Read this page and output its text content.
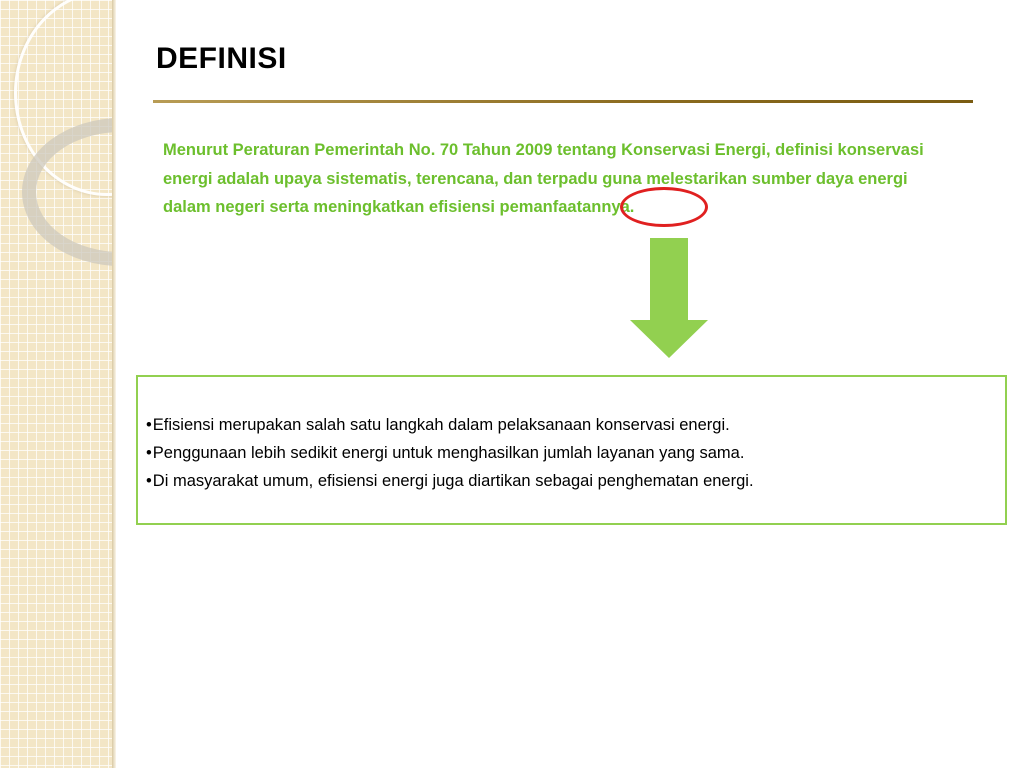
DEFINISI

Menurut Peraturan Pemerintah No. 70 Tahun 2009 tentang Konservasi Energi, definisi konservasi energi adalah upaya sistematis, terencana, dan terpadu guna melestarikan sumber daya energi dalam negeri serta meningkatkan efisiensi pemanfaatannya.

•Efisiensi merupakan salah satu langkah dalam pelaksanaan konservasi energi.
•Penggunaan lebih sedikit energi untuk menghasilkan jumlah layanan yang sama.
•Di masyarakat umum, efisiensi energi juga diartikan sebagai penghematan energi.
